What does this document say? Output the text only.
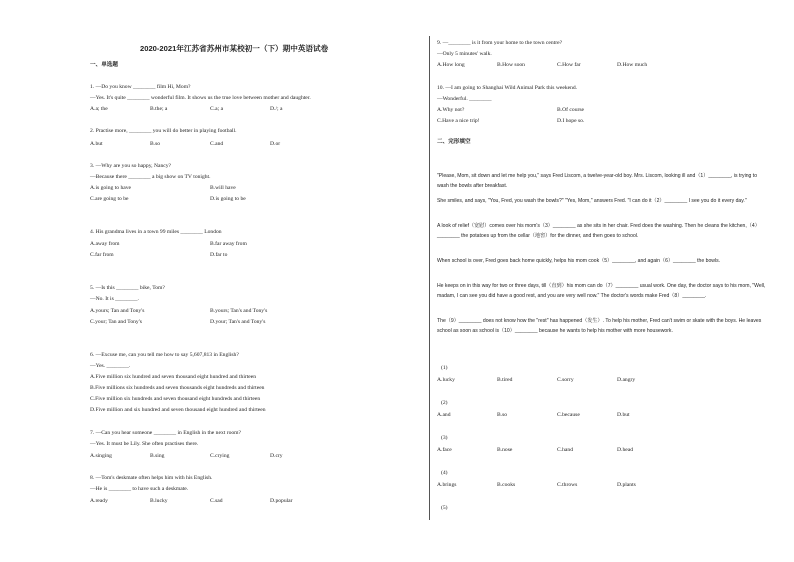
2020-2021年江苏省苏州市某校初一（下）期中英语试卷
一、单选题
1. —Do you know ________ film Hi, Mom?
—Yes. It's quite ________ wonderful film. It shows us the true love between mother and daughter.
A.a; the	B.the; a	C.a; a	D./; a
2. Practise more, ________ you will do better in playing football.
A.but	B.so	C.and	D.or
3. —Why are you so happy, Nancy?
—Because there ________ a big show on TV tonight.
A.is going to have	B.will have
C.are going to be	D.is going to be
4. His grandma lives in a town 99 miles ________ London
A.away from	B.far away from
C.far from	D.far to
5. —Is this ________ bike, Tom?
—No. It is ________.
A.yours; Tan and Tony's	B.yours; Tan's and Tony's
C.your; Tan and Tony's	D.your; Tan's and Tony's
6. —Excuse me, can you tell me how to say 5,607,813 in English?
—Yes. ________.
A.Five million six hundred and seven thousand eight hundred and thirteen
B.Five millions six hundreds and seven thousands eight hundreds and thirteen
C.Five million six hundreds and seven thousand eight hundreds and thirteen
D.Five million and six hundred and seven thousand eight hundred and thirteen
7. —Can you hear someone ________ in English in the next room?
—Yes. It must be Lily. She often practises there.
A.singing	B.sing	C.crying	D.cry
8. —Tom's deskmate often helps him with his English.
—He is ________ to have such a deskmate.
A.ready	B.lucky	C.sad	D.popular
9. —________ is it from your home to the town centre?
—Only 5 minutes' walk.
A.How long	B.How soon	C.How far	D.How much
10. —I am going to Shanghai Wild Animal Park this weekend.
—Wonderful. ________
A.Why not?	B.Of course
C.Have a nice trip!	D.I hope so.
二、完形填空
"Please, Mom, sit down and let me help you," says Fred Liscom, a twelve-year-old boy. Mrs. Liscom, looking ill and（1）________, is trying to wash the bowls after breakfast.
She smiles, and says, "You, Fred, you wash the bowls?" "Yes, Mom," answers Fred. "I can do it（2）________ I see you do it every day."
A look of relief（宽慰）comes over his mom's（3）________ as she sits in her chair. Fred does the washing. Then he cleans the kitchen,（4）________ the potatoes up from the cellar（地窖）for the dinner, and then goes to school.
When school is over, Fred goes back home quickly, helps his mom cook（5）________, and again（6）________ the bowls.
He keeps on in this way for two or three days, till（直到）his mom can do（7）________ usual work. One day, the doctor says to his mom, "Well, madam, I can see you did have a good rest, and you are very well now." The doctor's words make Fred（8）________.
The（9）________ does not know how the "rest" has happened（发生）. To help his mother, Fred can't swim or skate with the boys. He leaves school as soon as school is（10）________ because he wants to help his mother with more housework.
(1)
A.lucky	B.tired	C.sorry	D.angry
(2)
A.and	B.so	C.because	D.but
(3)
A.face	B.nose	C.hand	D.head
(4)
A.brings	B.cooks	C.throws	D.plants
(5)
